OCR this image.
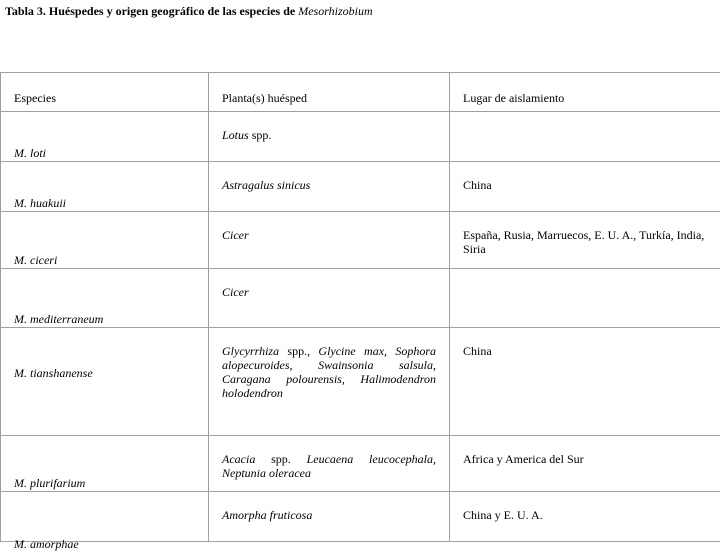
Tabla 3. Huéspedes y origen geográfico de las especies de Mesorhizobium
Especies	Planta(s) huésped	Lugar de aislamiento

M. loti	Lotus spp.	

M. huakuii	Astragalus sinicus	China

M. ciceri	Cicer	España, Rusia, Marruecos, E. U. A., Turkía, India, Siria

M. mediterraneum	Cicer	

M. tianshanense	Glycyrrhiza spp., Glycine max, Sophora alopecuroides, Swainsonia salsula, Caragana polourensis, Halimodendron holodendron	China

M. plurifarium	Acacia spp. Leucaena leucocephala, Neptunia oleracea	Africa y America del Sur

M. amorphae	Amorpha fruticosa	China y E. U. A.
